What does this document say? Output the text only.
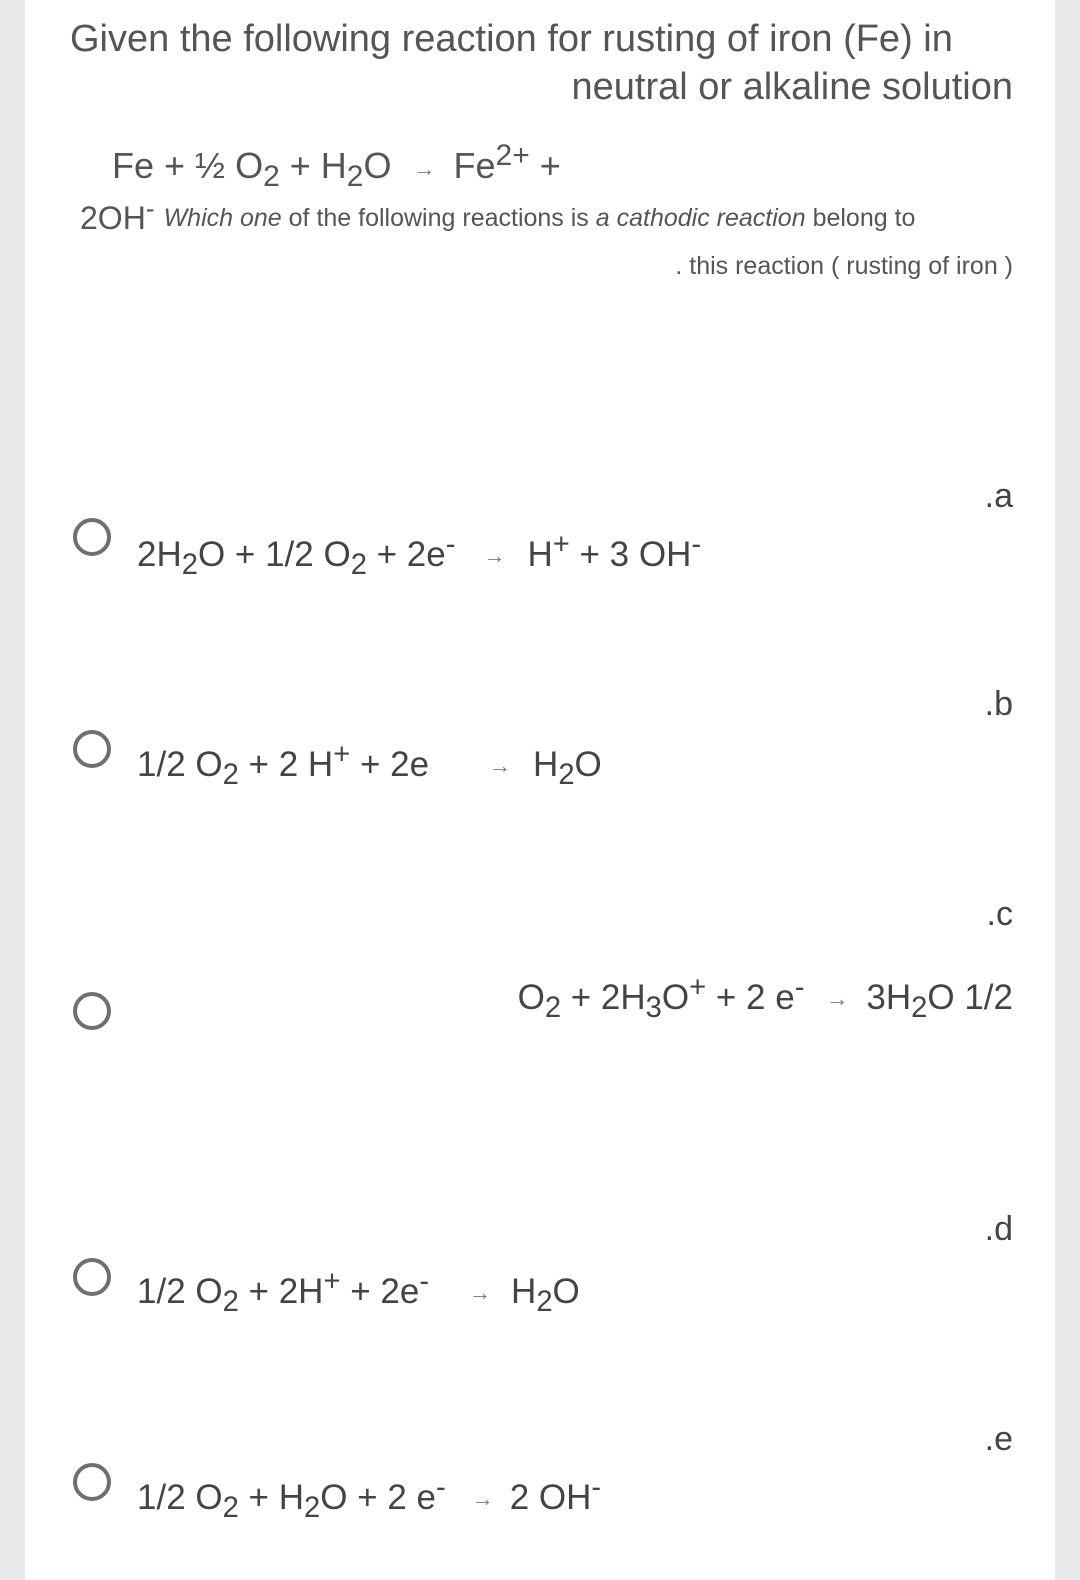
Given the following reaction for rusting of iron (Fe) in
neutral or alkaline solution
Fe + ½ $O_2 + H_2O \to Fe^{2+}$ +
2OH- Which one of the following reactions is a cathodic reaction belong to
. this reaction ( rusting of iron )
.a
$2H_2O + 1/2$ $O_2 + 2e^- \to H^+ + 3$ OH-
.b
1/2 $O_2 + 2$ H+ + 2e	→ $H_2O$
.c
$O_2 + 2H_3O^+ + 2$ $e^- \to 3H_2O$ 1/2
.d
1/2 $O_2 + 2H^+ + 2e^- \to H_2O$
.e
1/2 $O_2 + H_2O + 2$ e- → 2 OH-
